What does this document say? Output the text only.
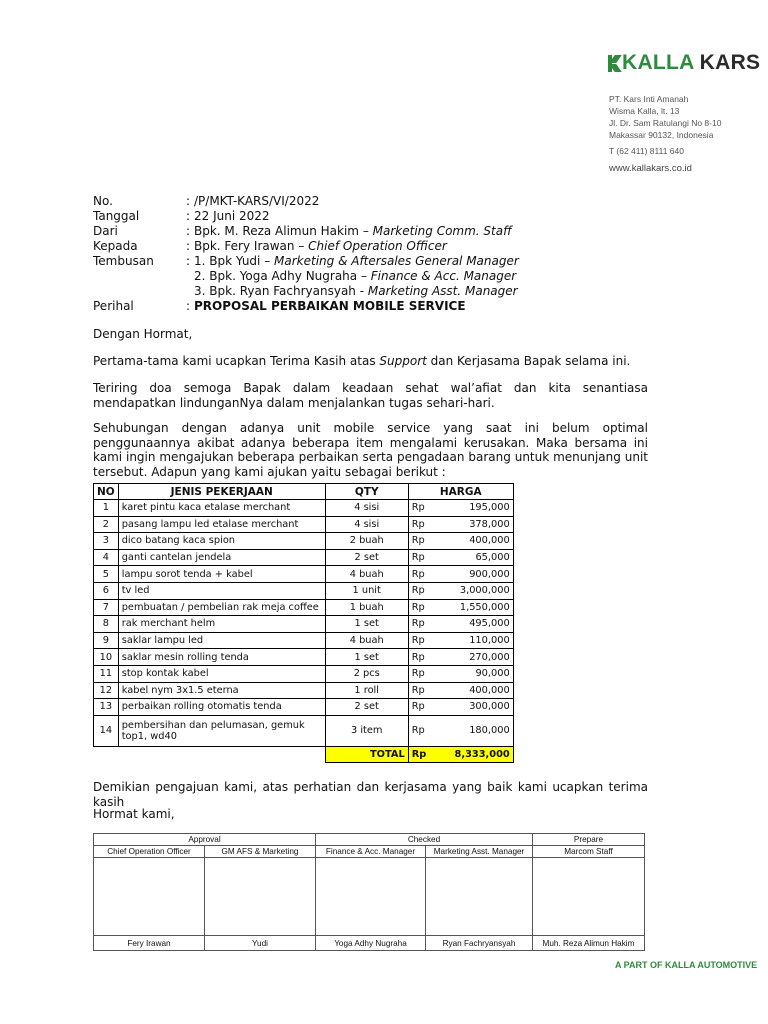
KALLA KARS
PT. Kars Inti Amanah
Wisma Kalla, lt. 13
Jl. Dr. Sam Ratulangi No 8-10
Makassar 90132, Indonesia
T (62 411) 8111 640
www.kallakars.co.id
No.	: /P/MKT-KARS/VI/2022
Tanggal	: 22 Juni 2022
Dari	: Bpk. M. Reza Alimun Hakim – Marketing Comm. Staff
Kepada	: Bpk. Fery Irawan – Chief Operation Officer
Tembusan	: 1. Bpk Yudi – Marketing & Aftersales General Manager
2. Bpk. Yoga Adhy Nugraha – Finance & Acc. Manager
3. Bpk. Ryan Fachryansyah - Marketing Asst. Manager
Perihal	: PROPOSAL PERBAIKAN MOBILE SERVICE
Dengan Hormat,
Pertama-tama kami ucapkan Terima Kasih atas Support dan Kerjasama Bapak selama ini.
Teriring doa semoga Bapak dalam keadaan sehat wal’afiat dan kita senantiasa mendapatkan lindunganNya dalam menjalankan tugas sehari-hari.
Sehubungan dengan adanya unit mobile service yang saat ini belum optimal penggunaannya akibat adanya beberapa item mengalami kerusakan. Maka bersama ini kami ingin mengajukan beberapa perbaikan serta pengadaan barang untuk menunjang unit tersebut. Adapun yang kami ajukan yaitu sebagai berikut :
NO	JENIS PEKERJAAN	QTY	HARGA	
1	karet pintu kaca etalase merchant	4 sisi	Rp	195,000
2	pasang lampu led etalase merchant	4 sisi	Rp	378,000
3	dico batang kaca spion	2 buah	Rp	400,000
4	ganti cantelan jendela	2 set	Rp	65,000
5	lampu sorot tenda + kabel	4 buah	Rp	900,000
6	tv led	1 unit	Rp	3,000,000
7	pembuatan / pembelian rak meja coffee	1 buah	Rp	1,550,000
8	rak merchant helm	1 set	Rp	495,000
9	saklar lampu led	4 buah	Rp	110,000
10	saklar mesin rolling tenda	1 set	Rp	270,000
11	stop kontak kabel	2 pcs	Rp	90,000
12	kabel nym 3x1.5 eterna	1 roll	Rp	400,000
13	perbaikan rolling otomatis tenda	2 set	Rp	300,000
14	pembersihan dan pelumasan, gemuk top1, wd40	3 item	Rp	180,000
		TOTAL	Rp	8,333,000
Demikian pengajuan kami, atas perhatian dan kerjasama yang baik kami ucapkan terima kasih
Hormat kami,
Approval		Checked		Prepare
Chief Operation Officer	GM AFS & Marketing	Finance & Acc. Manager	Marketing Asst. Manager	Marcom Staff

Fery Irawan	Yudi	Yoga Adhy Nugraha	Ryan Fachryansyah	Muh. Reza Alimun Hakim
A PART OF KALLA AUTOMOTIVE
